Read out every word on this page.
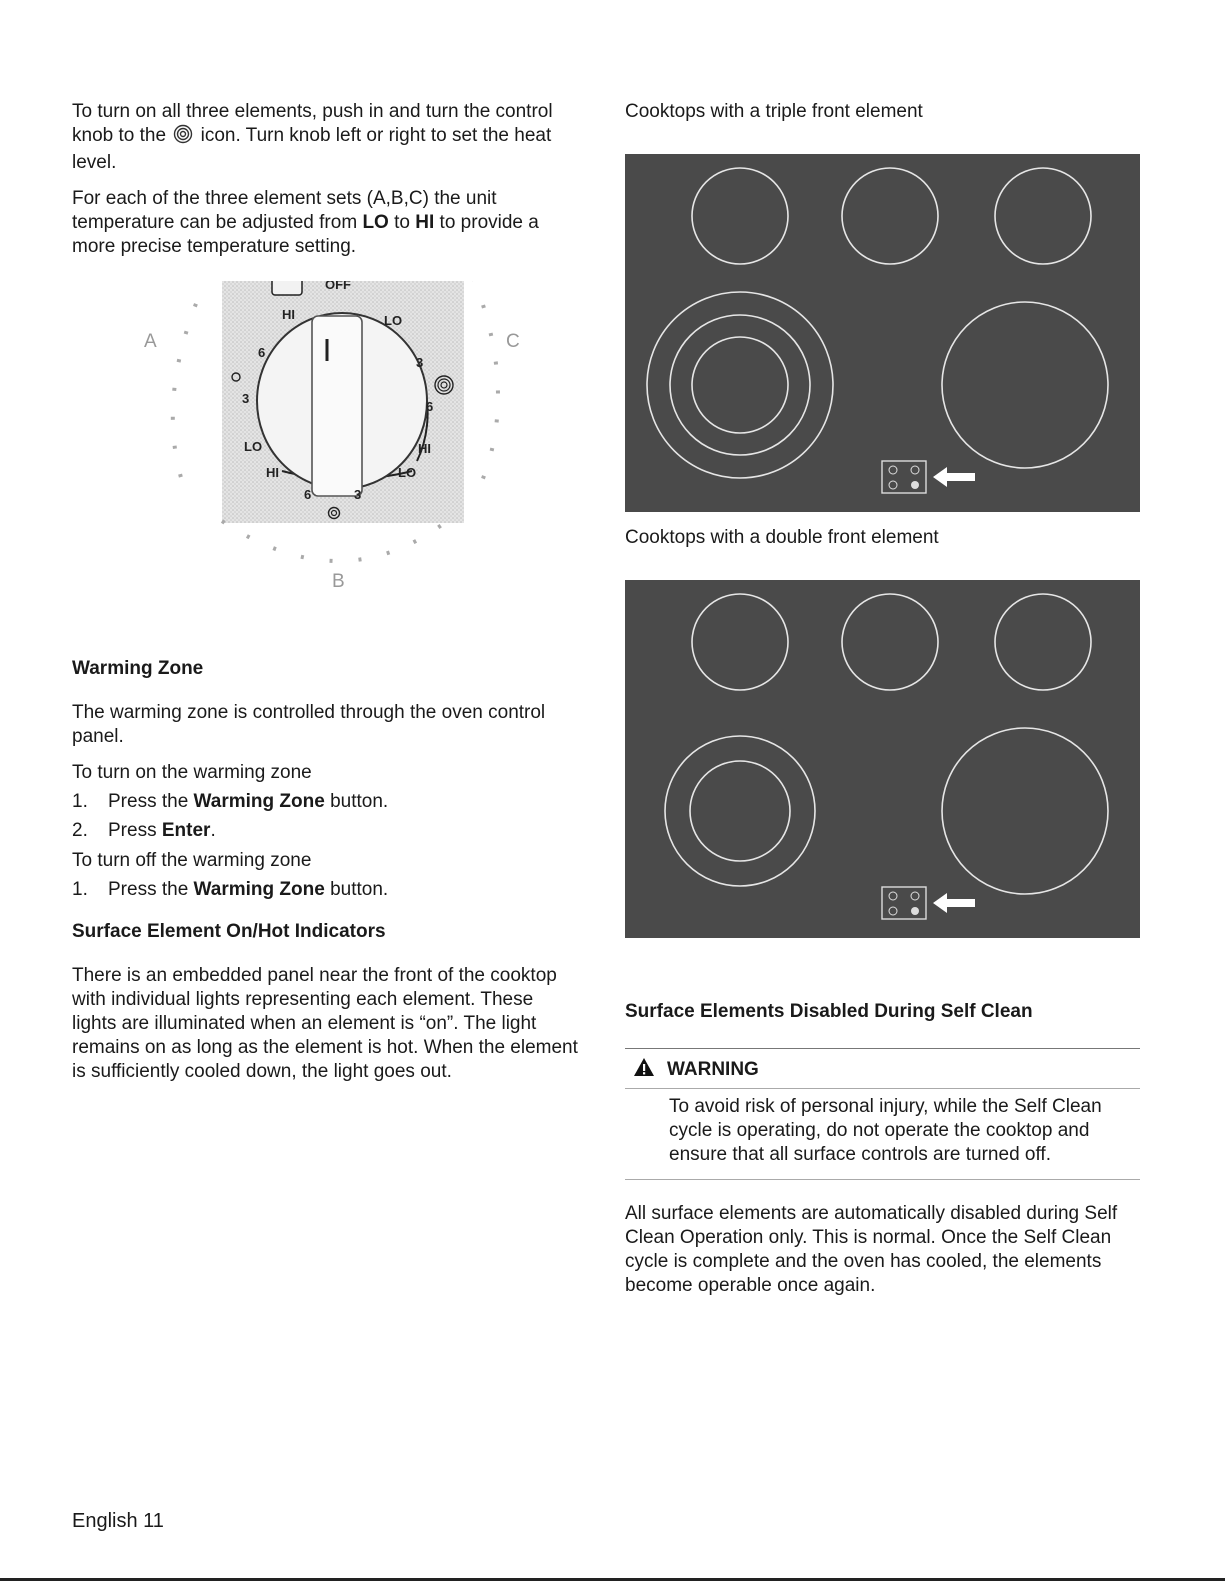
To turn on all three elements, push in and turn the control knob to the icon. Turn knob left or right to set the heat level.

For each of the three element sets (A,B,C) the unit temperature can be adjusted from LO to HI to provide a more precise temperature setting.

A	C
B
OFF
HI	LO
6
3
LO
HI
6	3
LO
3
6
HI
Warming Zone

The warming zone is controlled through the oven control panel.

To turn on the warming zone

1.	Press the Warming Zone button.
2.	Press Enter.

To turn off the warming zone

1.	Press the Warming Zone button.
Surface Element On/Hot Indicators

There is an embedded panel near the front of the cooktop with individual lights representing each element. These lights are illuminated when an element is “on”. The light remains on as long as the element is hot. When the element is sufficiently cooled down, the light goes out.

Cooktops with a triple front element

Cooktops with a double front element

Surface Elements Disabled During Self Clean
WARNING

To avoid risk of personal injury, while the Self Clean cycle is operating, do not operate the cooktop and ensure that all surface controls are turned off.

All surface elements are automatically disabled during Self Clean Operation only. This is normal. Once the Self Clean cycle is complete and the oven has cooled, the elements become operable once again.

English 11
